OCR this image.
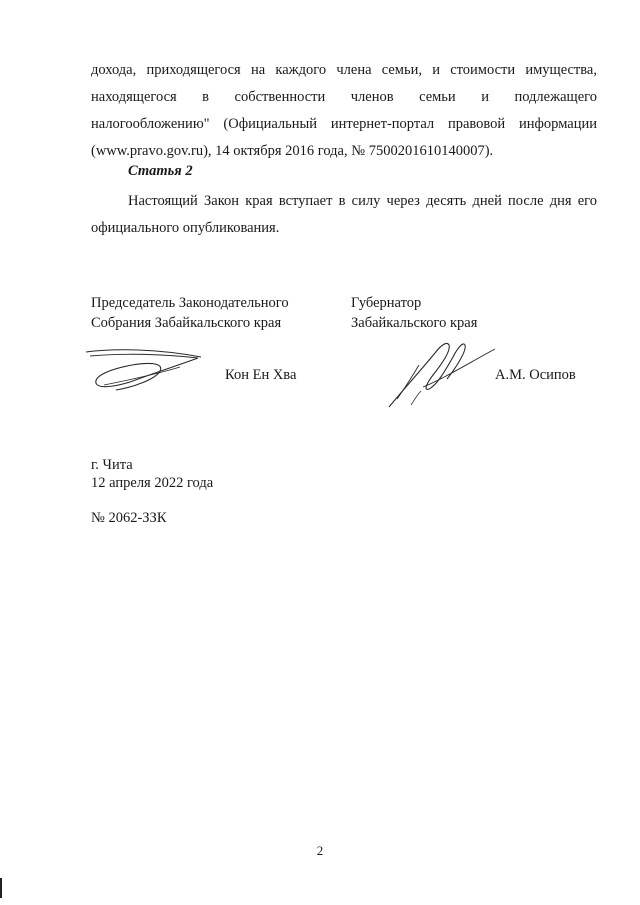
дохода, приходящегося на каждого члена семьи, и стоимости имущества,
находящегося в собственности членов семьи и подлежащего
налогообложению" (Официальный интернет-портал правовой информации
(www.pravo.gov.ru), 14 октября 2016 года, № 7500201610140007).
Статья 2
Настоящий Закон края вступает в силу через десять дней после дня его
официального опубликования.
Председатель Законодательного
Собрания Забайкальского края
Губернатор
Забайкальского края
Кон Ен Хва	А.М. Осипов
г. Чита
12 апреля 2022 года
№ 2062-ЗЗК
2
